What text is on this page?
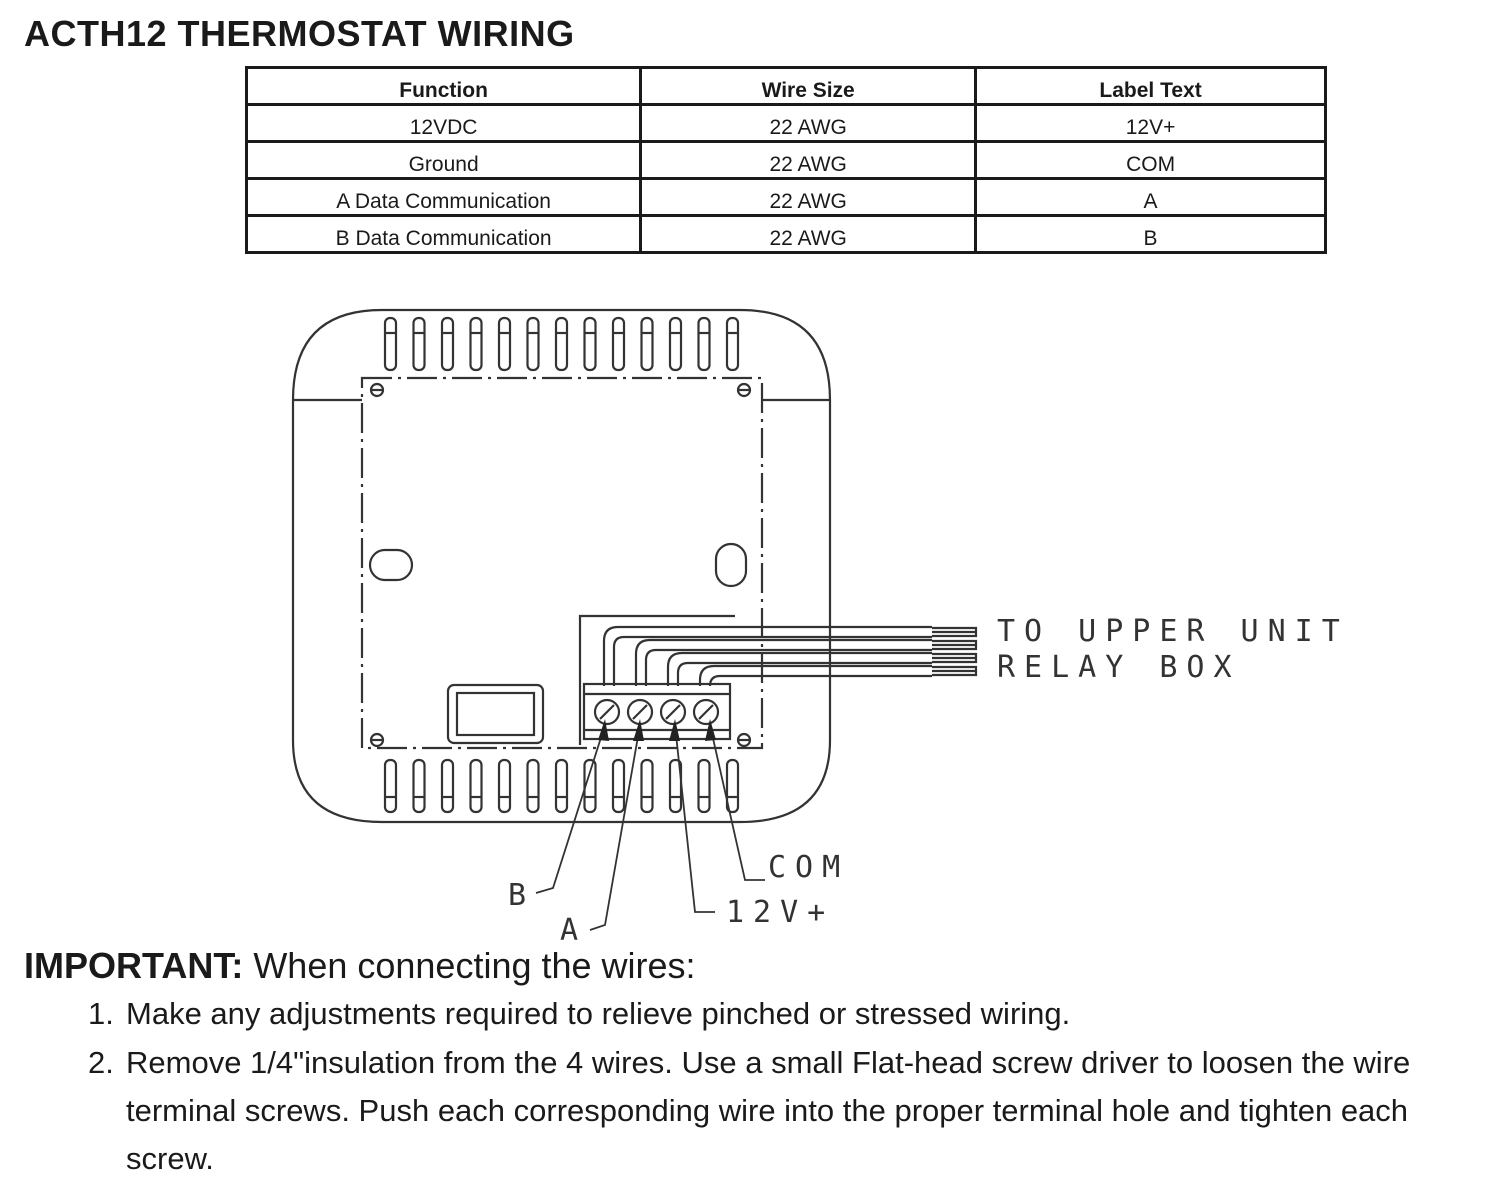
ACTH12 THERMOSTAT WIRING
Function	Wire Size	Label Text
12VDC	22 AWG	12V+
Ground	22 AWG	COM
A Data Communication	22 AWG	A
B Data Communication	22 AWG	B
TO UPPER UNIT
RELAY BOX
COM
12V+
B
A

IMPORTANT: When connecting the wires:

1. Make any adjustments required to relieve pinched or stressed wiring.
2. Remove 1/4"insulation from the 4 wires. Use a small Flat-head screw driver to loosen the wire terminal screws. Push each corresponding wire into the proper terminal hole and tighten each screw.
